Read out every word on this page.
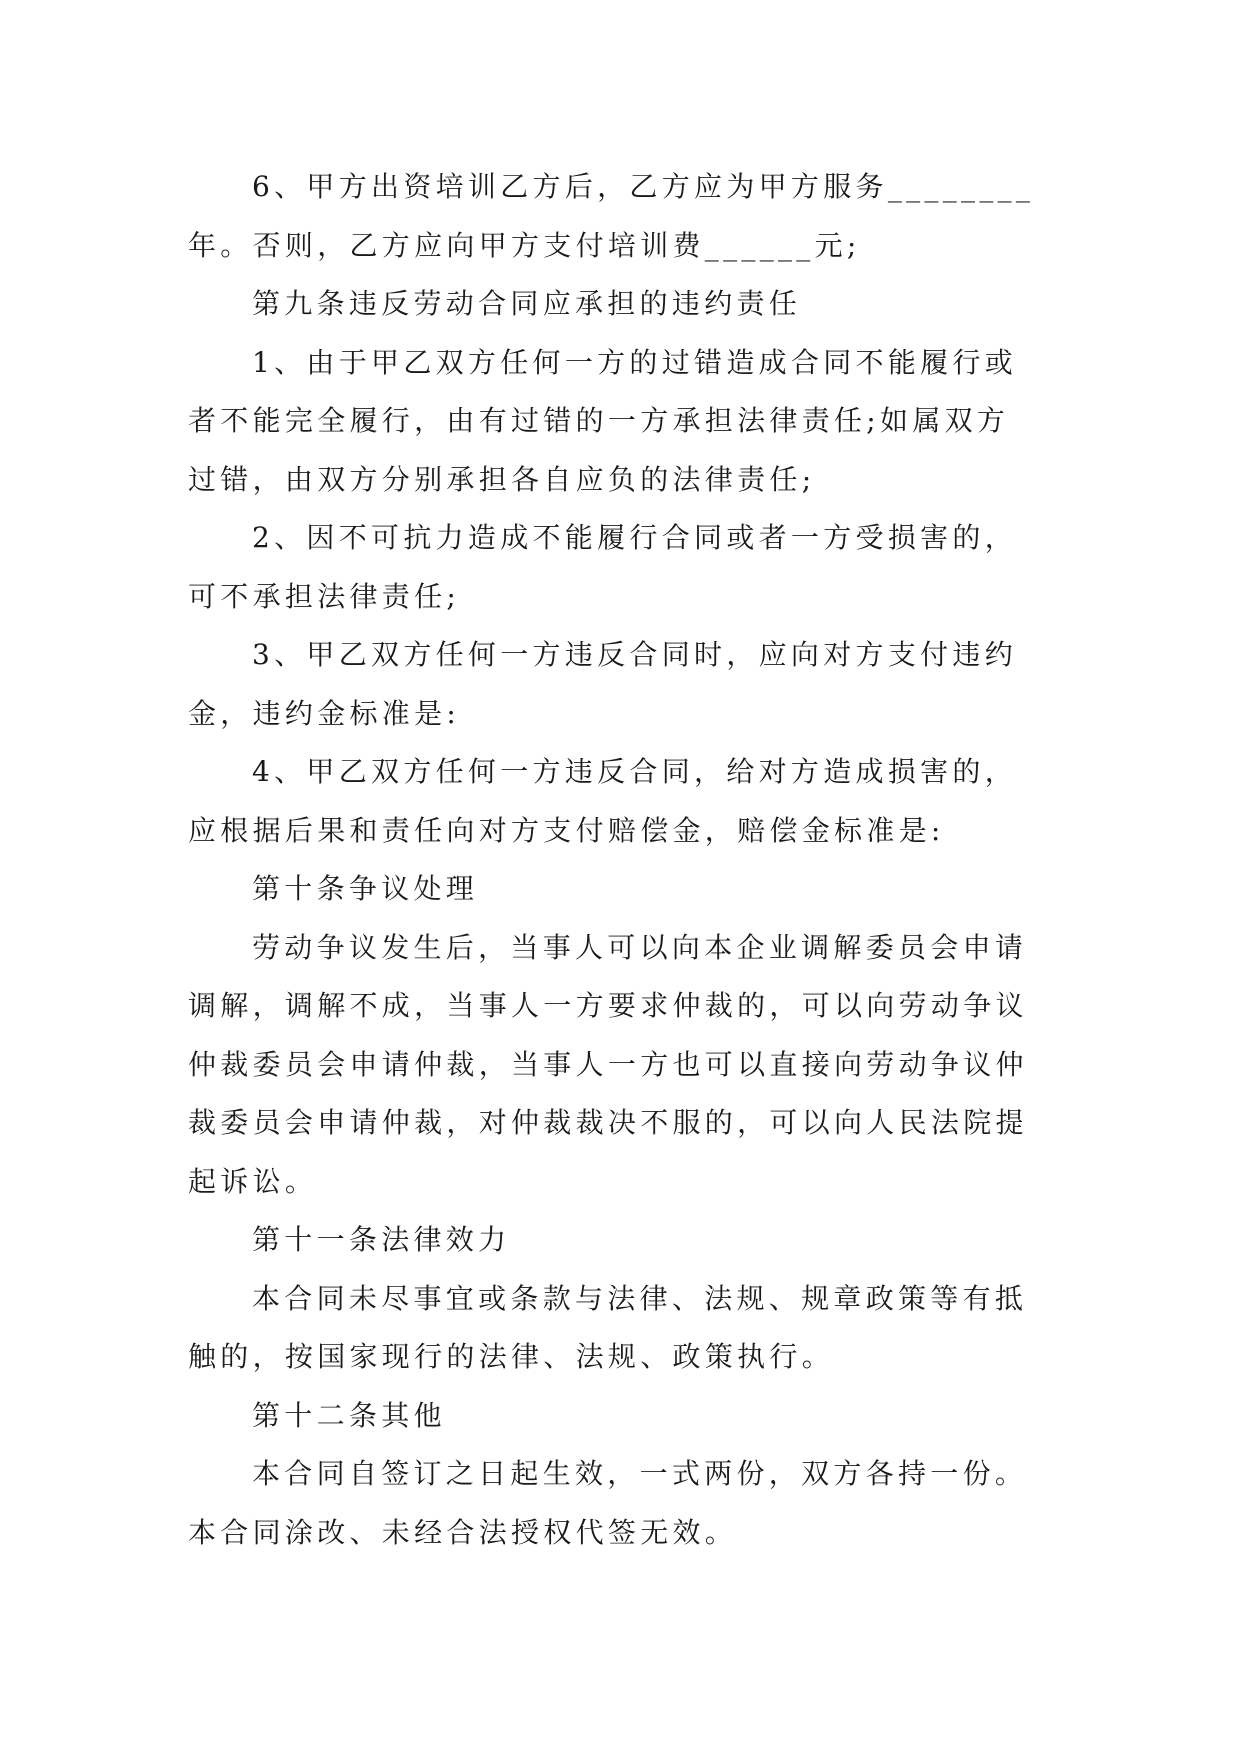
6、甲方出资培训乙方后，乙方应为甲方服务________
年。否则，乙方应向甲方支付培训费______元;
第九条违反劳动合同应承担的违约责任
1、由于甲乙双方任何一方的过错造成合同不能履行或
者不能完全履行，由有过错的一方承担法律责任;如属双方
过错，由双方分别承担各自应负的法律责任;
2、因不可抗力造成不能履行合同或者一方受损害的，
可不承担法律责任;
3、甲乙双方任何一方违反合同时，应向对方支付违约
金，违约金标准是:
4、甲乙双方任何一方违反合同，给对方造成损害的，
应根据后果和责任向对方支付赔偿金，赔偿金标准是:
第十条争议处理
劳动争议发生后，当事人可以向本企业调解委员会申请
调解，调解不成，当事人一方要求仲裁的，可以向劳动争议
仲裁委员会申请仲裁，当事人一方也可以直接向劳动争议仲
裁委员会申请仲裁，对仲裁裁决不服的，可以向人民法院提
起诉讼。
第十一条法律效力
本合同未尽事宜或条款与法律、法规、规章政策等有抵
触的，按国家现行的法律、法规、政策执行。
第十二条其他
本合同自签订之日起生效，一式两份，双方各持一份。
本合同涂改、未经合法授权代签无效。
